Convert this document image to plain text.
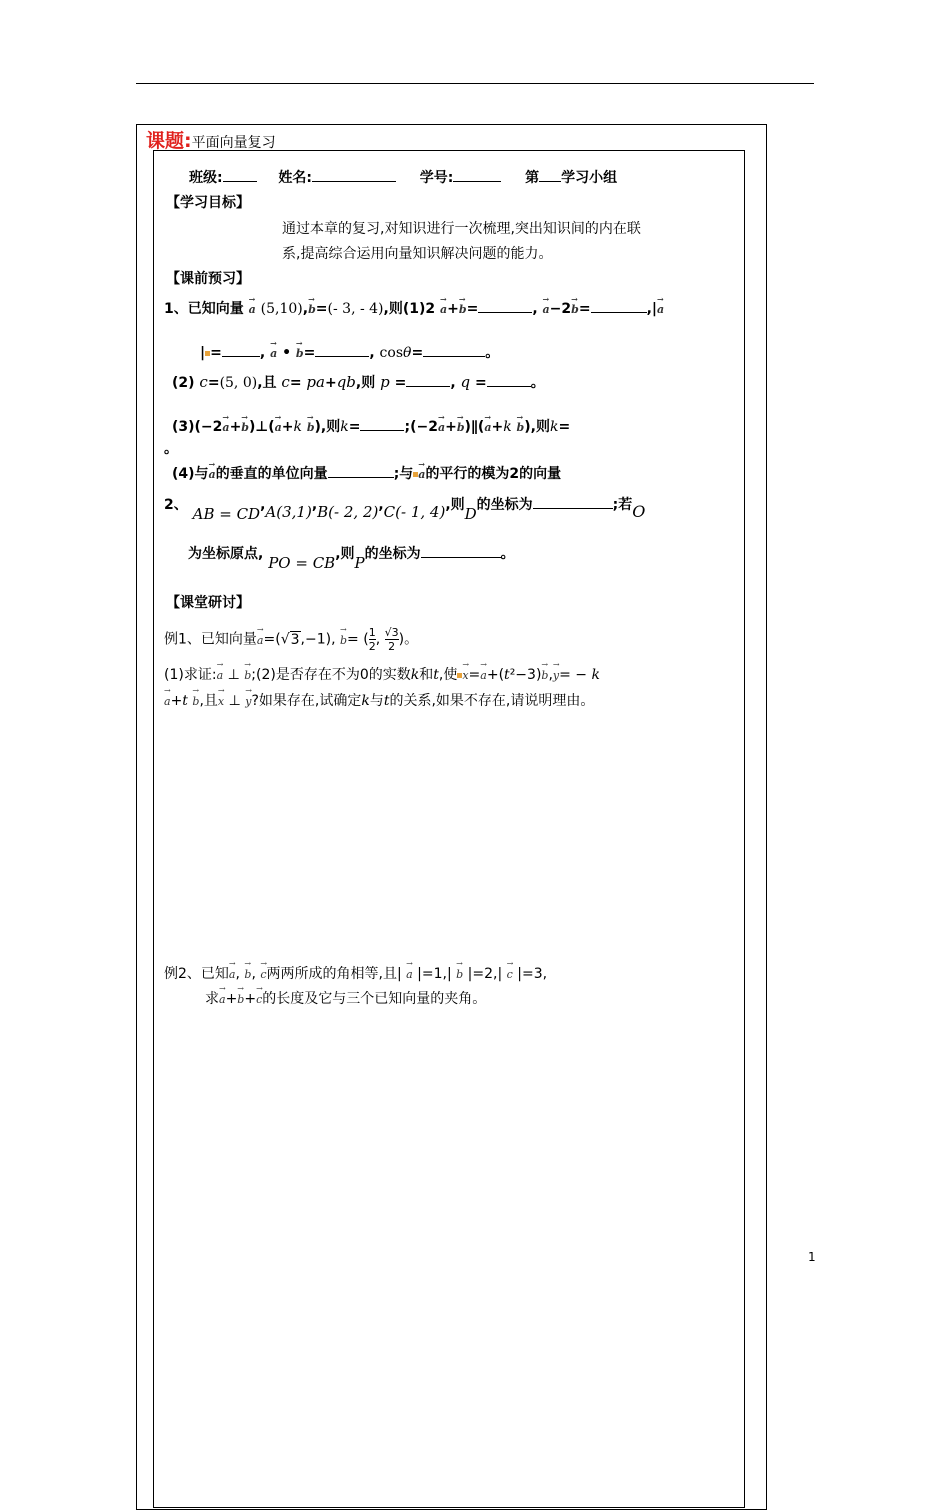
课题:平面向量复习
班级:	姓名:	学号:	第 学习小组
【学习目标】
通过本章的复习,对知识进行一次梳理,突出知识间的内在联
系,提高综合运用向量知识解决问题的能力。
【课前预习】
1、已知向量 → a (5,10),→ b=(- 3, - 4),则(1)2 → a+→ b=	, → a−2→ b=	,|→ a
| =	, → a • → b=	, cosθ=	。
(2) c=(5, 0),且 c= pa+qb,则 p =	, q =	。
(3)(−2→ a+→ b)⊥(→ a+k → b),则k=	;(−2→ a+→ b)∥(→ a+k → b),则k=
。
(4)与→ a的垂直的单位向量	;与 → a的平行的模为2的向量
2、 AB = CD,A(3,1),B(- 2, 2),C(- 1, 4),则D的坐标为	;若O
为坐标原点, PO = CB,则P的坐标为	。
【课堂研讨】
例1、已知向量→ a=(√3,−1), → b= ( $\frac{1}{2}$ , $\frac{√3}{2}$ )。
(1)求证:→ a ⊥ → b;(2)是否存在不为0的实数k和t,使 → x=→ a+(t²−3)→ b,→ y= − k
→ a+t → b,且→ x ⊥ → y?如果存在,试确定k与t的关系,如果不存在,请说明理由。
例2、已知→ a, → b, → c两两所成的角相等,且| → a |=1,| → b |=2,| → c |=3,
求→ a+→ b+→ c的长度及它与三个已知向量的夹角。
1
